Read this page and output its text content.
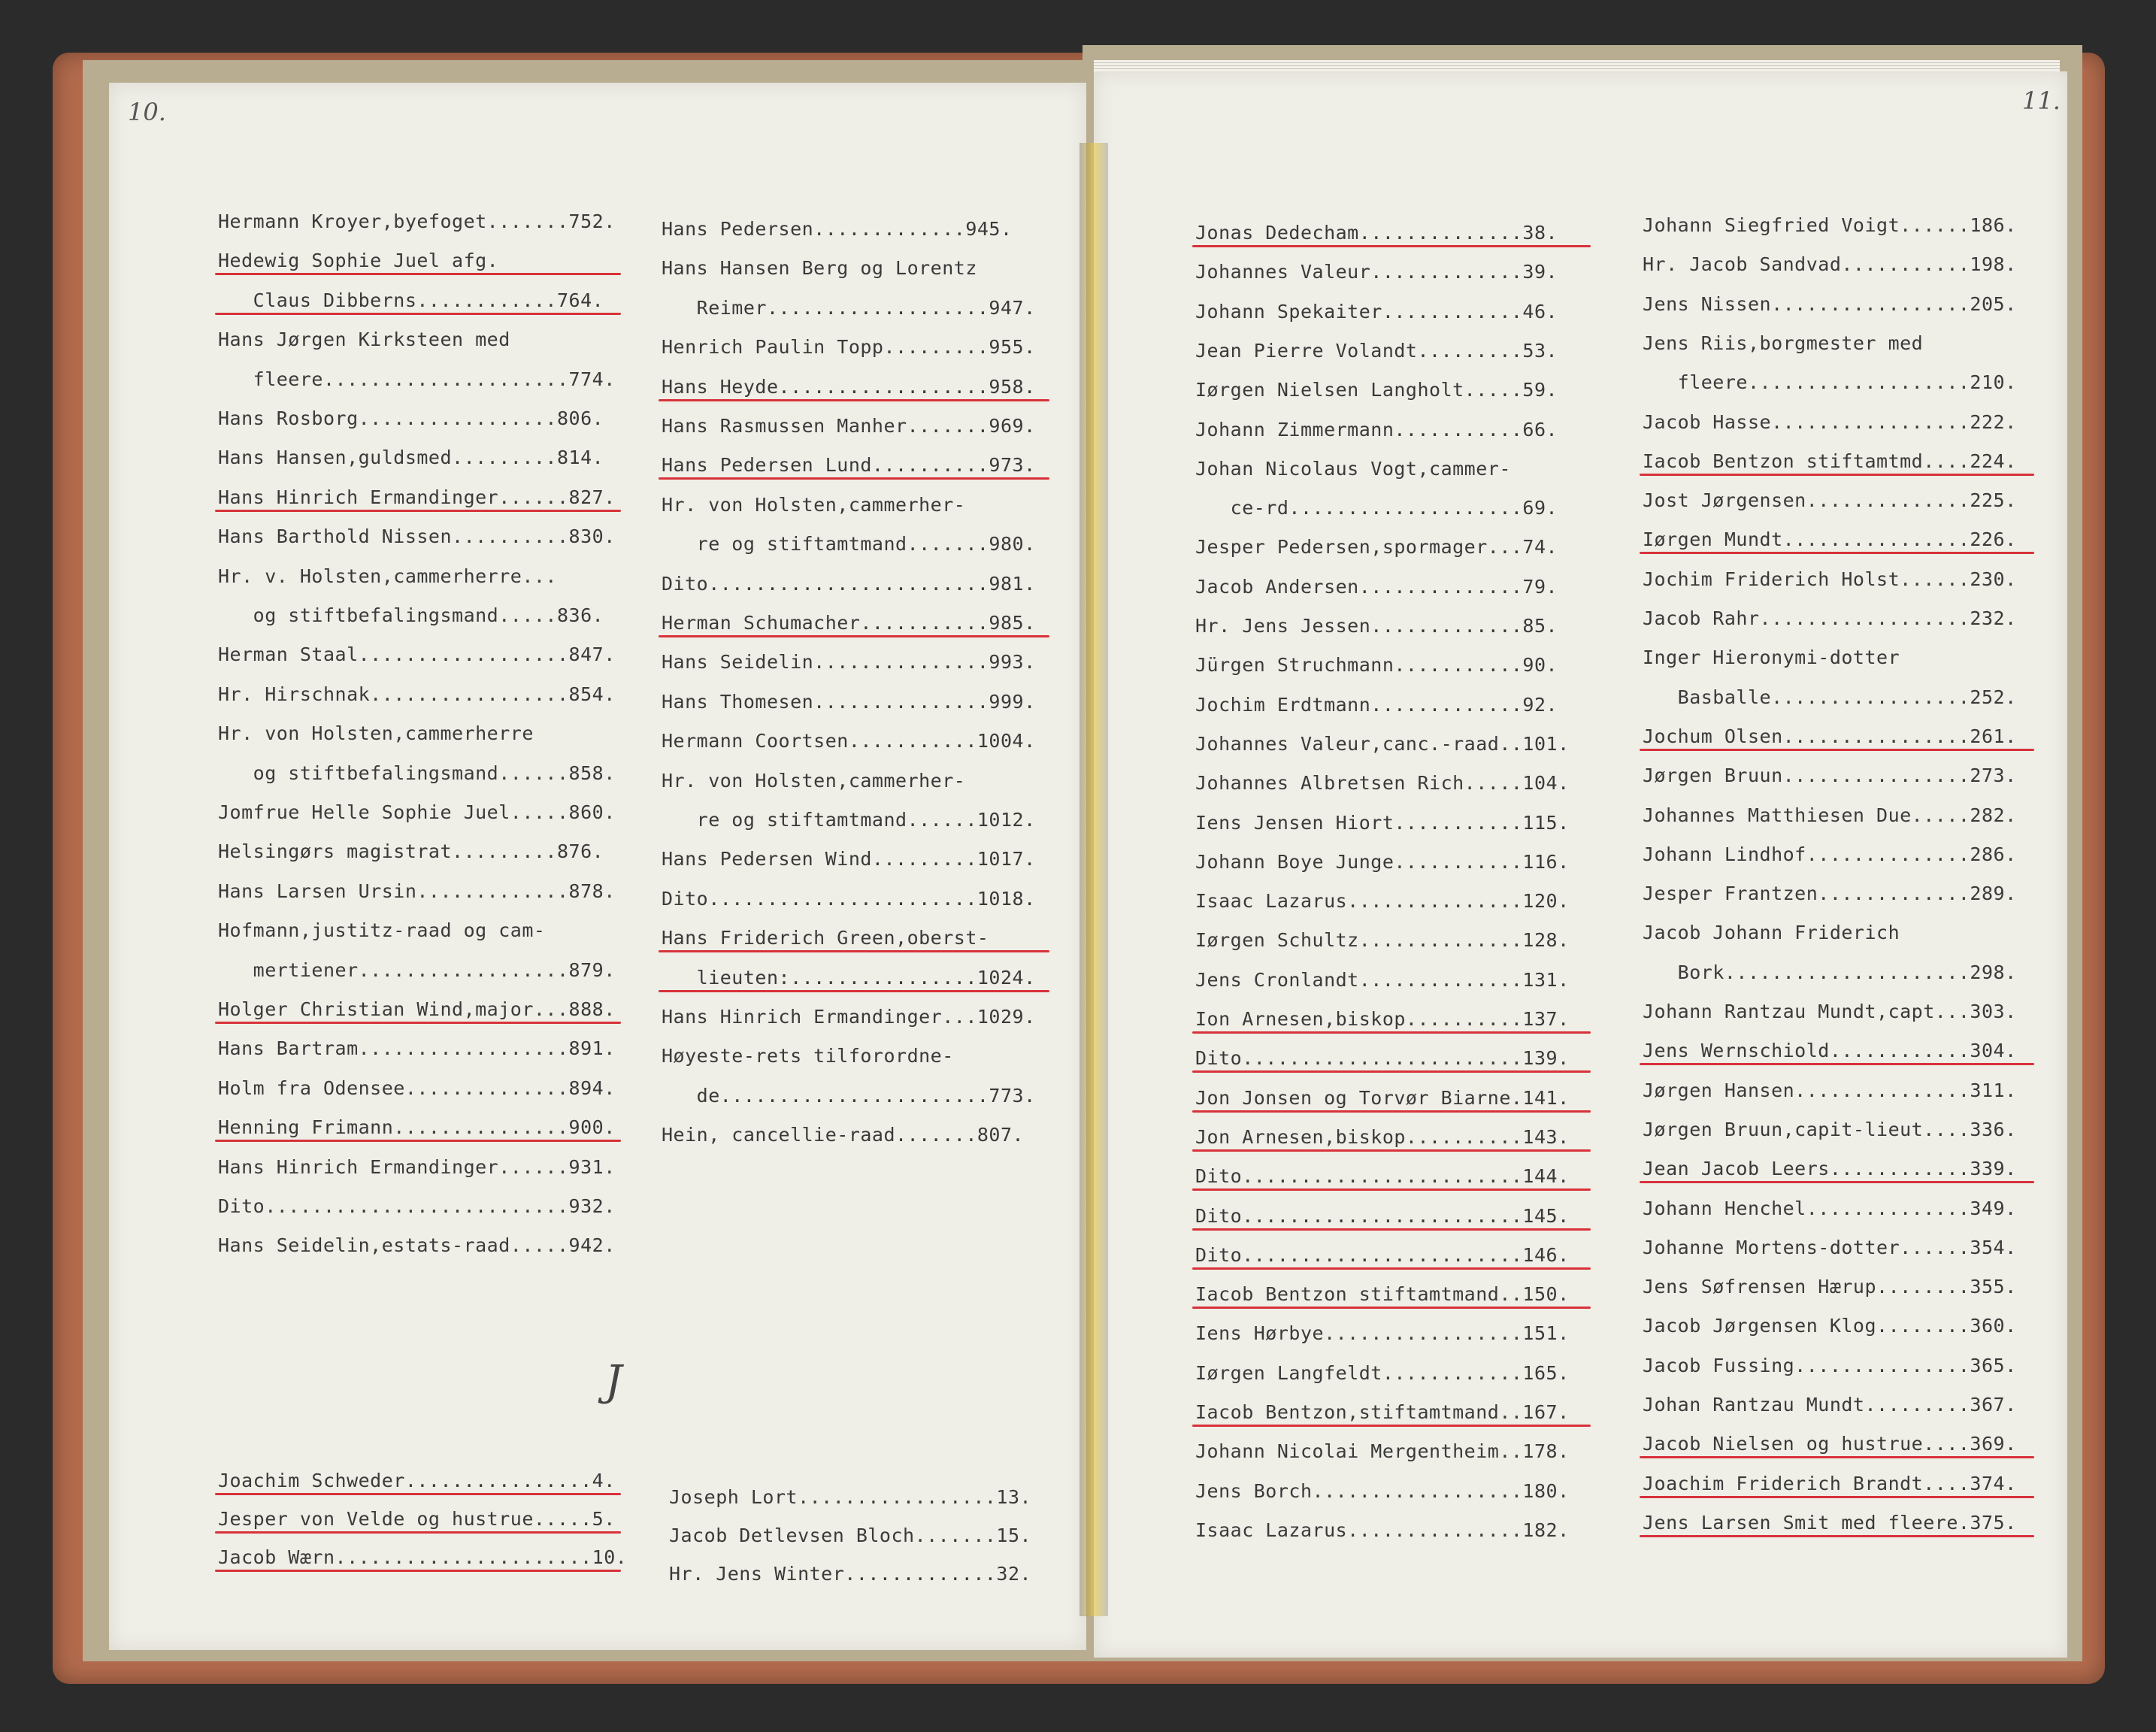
10.
Hermann Kroyer,byefoget.......752.
Hedewig Sophie Juel afg.
Claus Dibberns............764.
Hans Jørgen Kirksteen med
fleere.....................774.
Hans Rosborg.................806.
Hans Hansen,guldsmed.........814.
Hans Hinrich Ermandinger......827.
Hans Barthold Nissen..........830.
Hr. v. Holsten,cammerherre...
og stiftbefalingsmand.....836.
Herman Staal..................847.
Hr. Hirschnak.................854.
Hr. von Holsten,cammerherre
og stiftbefalingsmand......858.
Jomfrue Helle Sophie Juel.....860.
Helsingørs magistrat.........876.
Hans Larsen Ursin.............878.
Hofmann,justitz-raad og cam-
mertiener..................879.
Holger Christian Wind,major...888.
Hans Bartram..................891.
Holm fra Odensee..............894.
Henning Frimann...............900.
Hans Hinrich Ermandinger......931.
Dito..........................932.
Hans Seidelin,estats-raad.....942.
Hans Pedersen.............945.
Hans Hansen Berg og Lorentz
Reimer...................947.
Henrich Paulin Topp.........955.
Hans Heyde..................958.
Hans Rasmussen Manher.......969.
Hans Pedersen Lund..........973.
Hr. von Holsten,cammerher-
re og stiftamtmand.......980.
Dito........................981.
Herman Schumacher...........985.
Hans Seidelin...............993.
Hans Thomesen...............999.
Hermann Coortsen...........1004.
Hr. von Holsten,cammerher-
re og stiftamtmand......1012.
Hans Pedersen Wind.........1017.
Dito.......................1018.
Hans Friderich Green,oberst-
lieuten:................1024.
Hans Hinrich Ermandinger...1029.
Høyeste-rets tilforordne-
de.......................773.
Hein, cancellie-raad.......807.
J
Joachim Schweder................4.
Jesper von Velde og hustrue.....5.
Jacob Wærn......................10.
Joseph Lort.................13.
Jacob Detlevsen Bloch.......15.
Hr. Jens Winter.............32.
11.
Jonas Dedecham..............38.
Johannes Valeur.............39.
Johann Spekaiter............46.
Jean Pierre Volandt.........53.
Iørgen Nielsen Langholt.....59.
Johann Zimmermann...........66.
Johan Nicolaus Vogt,cammer-
ce-rd....................69.
Jesper Pedersen,spormager...74.
Jacob Andersen..............79.
Hr. Jens Jessen.............85.
Jürgen Struchmann...........90.
Jochim Erdtmann.............92.
Johannes Valeur,canc.-raad..101.
Johannes Albretsen Rich.....104.
Iens Jensen Hiort...........115.
Johann Boye Junge...........116.
Isaac Lazarus...............120.
Iørgen Schultz..............128.
Jens Cronlandt..............131.
Ion Arnesen,biskop..........137.
Dito........................139.
Jon Jonsen og Torvør Biarne.141.
Jon Arnesen,biskop..........143.
Dito........................144.
Dito........................145.
Dito........................146.
Iacob Bentzon stiftamtmand..150.
Iens Hørbye.................151.
Iørgen Langfeldt............165.
Iacob Bentzon,stiftamtmand..167.
Johann Nicolai Mergentheim..178.
Jens Borch..................180.
Isaac Lazarus...............182.
Johann Siegfried Voigt......186.
Hr. Jacob Sandvad...........198.
Jens Nissen.................205.
Jens Riis,borgmester med
fleere...................210.
Jacob Hasse.................222.
Iacob Bentzon stiftamtmd....224.
Jost Jørgensen..............225.
Iørgen Mundt................226.
Jochim Friderich Holst......230.
Jacob Rahr..................232.
Inger Hieronymi-dotter
Basballe.................252.
Jochum Olsen................261.
Jørgen Bruun................273.
Johannes Matthiesen Due.....282.
Johann Lindhof..............286.
Jesper Frantzen.............289.
Jacob Johann Friderich
Bork.....................298.
Johann Rantzau Mundt,capt...303.
Jens Wernschiold............304.
Jørgen Hansen...............311.
Jørgen Bruun,capit-lieut....336.
Jean Jacob Leers............339.
Johann Henchel..............349.
Johanne Mortens-dotter......354.
Jens Søfrensen Hærup........355.
Jacob Jørgensen Klog........360.
Jacob Fussing...............365.
Johan Rantzau Mundt.........367.
Jacob Nielsen og hustrue....369.
Joachim Friderich Brandt....374.
Jens Larsen Smit med fleere.375.
